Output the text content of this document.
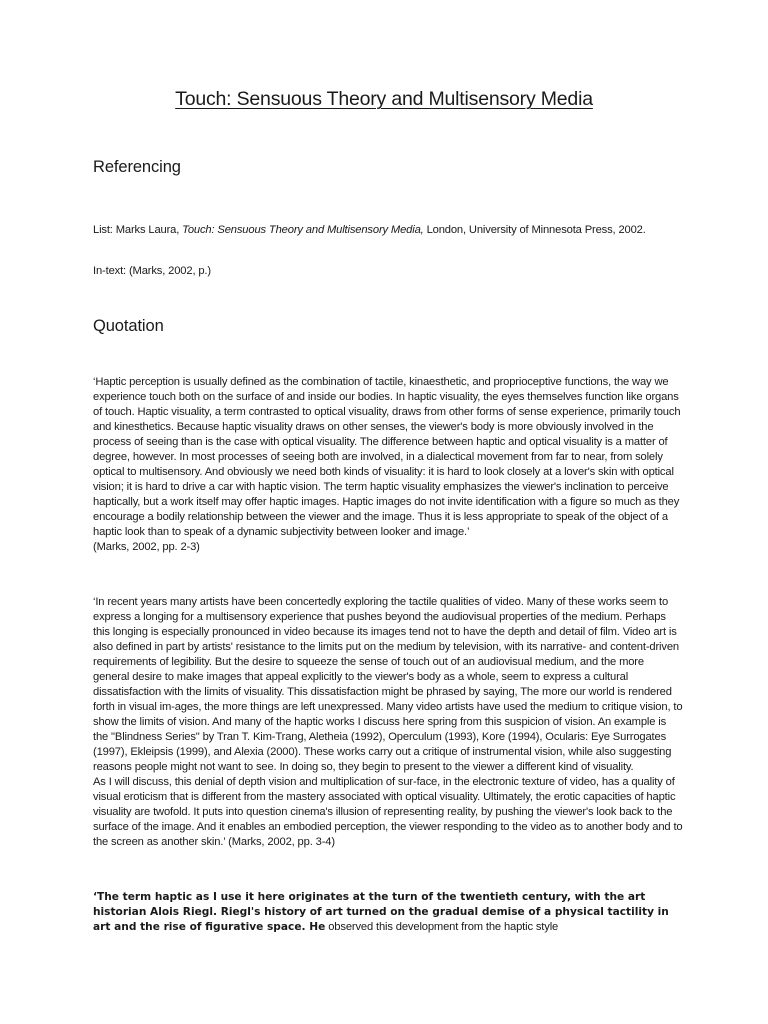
Touch: Sensuous Theory and Multisensory Media
Referencing
List: Marks Laura, Touch: Sensuous Theory and Multisensory Media, London, University of Minnesota Press, 2002.
In-text: (Marks, 2002, p.)
Quotation
‘Haptic perception is usually defined as the combination of tactile, kinaesthetic, and proprioceptive functions, the way we experience touch both on the surface of and inside our bodies. In haptic visuality, the eyes themselves function like organs of touch. Haptic visuality, a term contrasted to optical visuality, draws from other forms of sense experience, primarily touch and kinesthetics. Because haptic visuality draws on other senses, the viewer's body is more obviously involved in the process of seeing than is the case with optical visuality. The difference between haptic and optical visuality is a matter of degree, however. In most processes of seeing both are involved, in a dialectical movement from far to near, from solely optical to multisensory. And obviously we need both kinds of visuality: it is hard to look closely at a lover's skin with optical vision; it is hard to drive a car with haptic vision. The term haptic visuality emphasizes the viewer's inclination to perceive haptically, but a work itself may offer haptic images. Haptic images do not invite identification with a figure so much as they encourage a bodily relationship between the viewer and the image. Thus it is less appropriate to speak of the object of a haptic look than to speak of a dynamic subjectivity between looker and image.’
(Marks, 2002, pp. 2-3)
‘In recent years many artists have been concertedly exploring the tactile qualities of video. Many of these works seem to express a longing for a multisensory experience that pushes beyond the audiovisual properties of the medium. Perhaps this longing is especially pronounced in video because its images tend not to have the depth and detail of film. Video art is also defined in part by artists' resistance to the limits put on the medium by television, with its narrative- and content-driven requirements of legibility. But the desire to squeeze the sense of touch out of an audiovisual medium, and the more general desire to make images that appeal explicitly to the viewer's body as a whole, seem to express a cultural dissatisfaction with the limits of visuality. This dissatisfaction might be phrased by saying, The more our world is rendered forth in visual im-ages, the more things are left unexpressed. Many video artists have used the medium to critique vision, to show the limits of vision. And many of the haptic works I discuss here spring from this suspicion of vision. An example is the "Blindness Series" by Tran T. Kim-Trang, Aletheia (1992), Operculum (1993), Kore (1994), Ocularis: Eye Surrogates (1997), Ekleipsis (1999), and Alexia (2000). These works carry out a critique of instrumental vision, while also suggesting reasons people might not want to see. In doing so, they begin to present to the viewer a different kind of visuality.
As I will discuss, this denial of depth vision and multiplication of sur-face, in the electronic texture of video, has a quality of visual eroticism that is different from the mastery associated with optical visuality. Ultimately, the erotic capacities of haptic visuality are twofold. It puts into question cinema's illusion of representing reality, by pushing the viewer's look back to the surface of the image. And it enables an embodied perception, the viewer responding to the video as to another body and to the screen as another skin.’ (Marks, 2002, pp. 3-4)
‘The term haptic as I use it here originates at the turn of the twentieth century, with the art historian Alois Riegl. Riegl's history of art turned on the gradual demise of a physical tactility in art and the rise of figurative space. He observed this development from the haptic style
